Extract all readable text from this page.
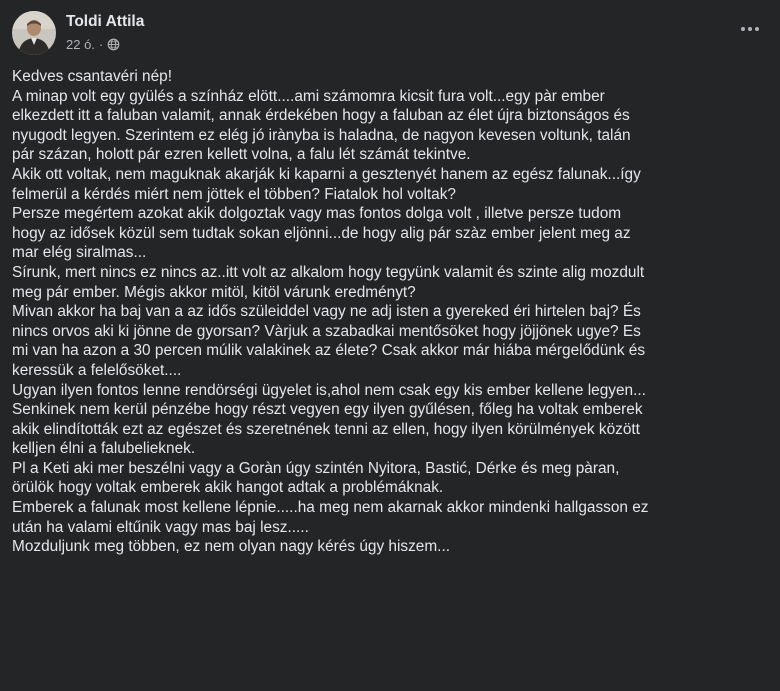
Toldi Attila
22 ó. ·

Kedves csantavéri nép!

A minap volt egy gyülés a színház elött....ami számomra kicsit fura volt...egy pàr ember

elkezdett itt a faluban valamit, annak érdekében hogy a faluban az élet újra biztonságos és

nyugodt legyen. Szerintem ez elég jó irànyba is haladna, de nagyon kevesen voltunk, talán

pár százan, holott pár ezren kellett volna, a falu lét számát tekintve.

Akik ott voltak, nem maguknak akarják ki kaparni a gesztenyét hanem az egész falunak...így

felmerül a kérdés miért nem jöttek el többen? Fiatalok hol voltak?

Persze megértem azokat akik dolgoztak vagy mas fontos dolga volt , illetve persze tudom

hogy az idősek közül sem tudtak sokan eljönni...de hogy alig pár szàz ember jelent meg az

mar elég siralmas...

Sírunk, mert nincs ez nincs az..itt volt az alkalom hogy tegyünk valamit és szinte alig mozdult

meg pár ember. Mégis akkor mitöl, kitöl várunk eredményt?

Mivan akkor ha baj van a az idős szüleiddel vagy ne adj isten a gyereked éri hirtelen baj? És

nincs orvos aki ki jönne de gyorsan? Vàrjuk a szabadkai mentősöket hogy jöjjönek ugye? Es

mi van ha azon a 30 percen múlik valakinek az élete? Csak akkor már hiába mérgelődünk és

keressük a felelősöket....

Ugyan ilyen fontos lenne rendörségi ügyelet is,ahol nem csak egy kis ember kellene legyen...

Senkinek nem kerül pénzébe hogy részt vegyen egy ilyen gyűlésen, főleg ha voltak emberek

akik elindították ezt az egészet és szeretnének tenni az ellen, hogy ilyen körülmények között

kelljen élni a falubelieknek.

Pl a Keti aki mer beszélni vagy a Goràn úgy szintén Nyitora, Bastić, Dérke és meg pàran,

örülök hogy voltak emberek akik hangot adtak a problémáknak.

Emberek a falunak most kellene lépnie.....ha meg nem akarnak akkor mindenki hallgasson ez

után ha valami eltűnik vagy mas baj lesz.....

Mozduljunk meg többen, ez nem olyan nagy kérés úgy hiszem...
